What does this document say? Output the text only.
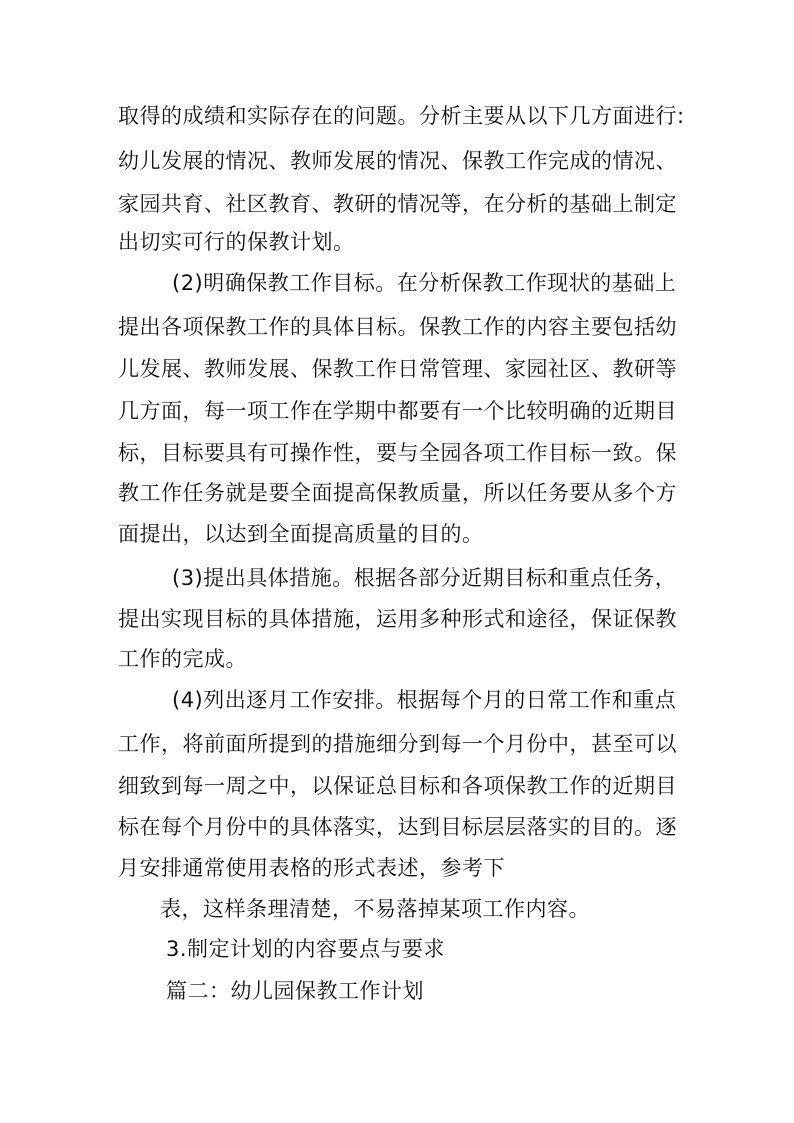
取得的成绩和实际存在的问题。分析主要从以下几方面进行:
幼儿发展的情况、教师发展的情况、保教工作完成的情况、
家园共育、社区教育、教研的情况等，在分析的基础上制定
出切实可行的保教计划。
(2)明确保教工作目标。在分析保教工作现状的基础上
提出各项保教工作的具体目标。保教工作的内容主要包括幼
儿发展、教师发展、保教工作日常管理、家园社区、教研等
几方面，每一项工作在学期中都要有一个比较明确的近期目
标，目标要具有可操作性，要与全园各项工作目标一致。保
教工作任务就是要全面提高保教质量，所以任务要从多个方
面提出，以达到全面提高质量的目的。
(3)提出具体措施。根据各部分近期目标和重点任务，
提出实现目标的具体措施，运用多种形式和途径，保证保教
工作的完成。
(4)列出逐月工作安排。根据每个月的日常工作和重点
工作，将前面所提到的措施细分到每一个月份中，甚至可以
细致到每一周之中，以保证总目标和各项保教工作的近期目
标在每个月份中的具体落实，达到目标层层落实的目的。逐
月安排通常使用表格的形式表述，参考下
表，这样条理清楚，不易落掉某项工作内容。
3.制定计划的内容要点与要求
篇二：幼儿园保教工作计划
